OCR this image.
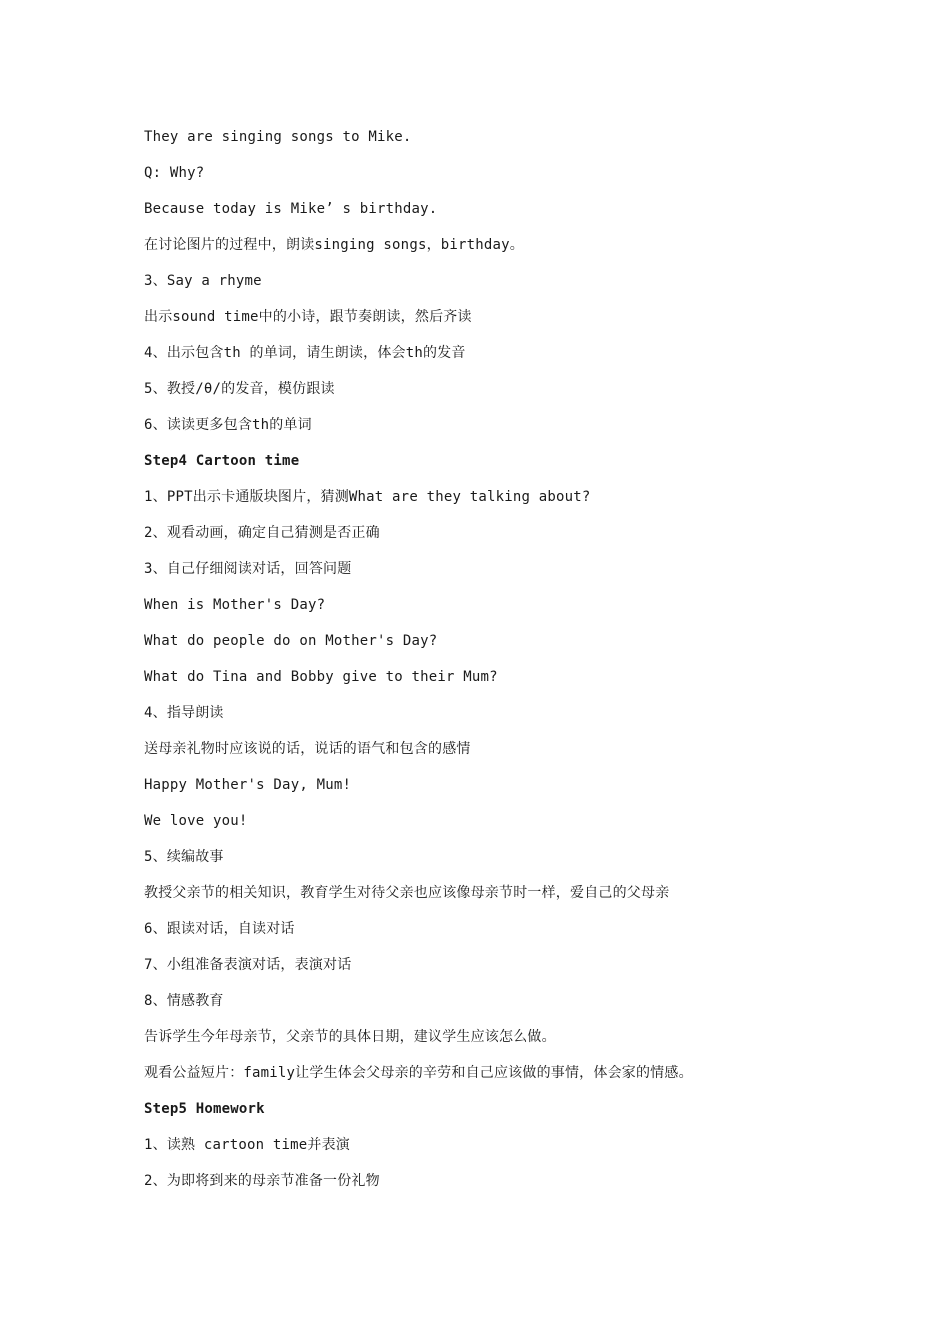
They are singing songs to Mike.
Q: Why?
Because today is Mike’ s birthday.
在讨论图片的过程中，朗读singing songs，birthday。
3、Say a rhyme
出示sound time中的小诗，跟节奏朗读，然后齐读
4、出示包含th 的单词，请生朗读，体会th的发音
5、教授/θ/的发音，模仿跟读
6、读读更多包含th的单词
Step4 Cartoon time
1、PPT出示卡通版块图片，猜测What are they talking about?
2、观看动画，确定自己猜测是否正确
3、自己仔细阅读对话，回答问题
When is Mother's Day?
What do people do on Mother's Day?
What do Tina and Bobby give to their Mum?
4、指导朗读
送母亲礼物时应该说的话，说话的语气和包含的感情
Happy Mother's Day, Mum!
We love you!
5、续编故事
教授父亲节的相关知识，教育学生对待父亲也应该像母亲节时一样，爱自己的父母亲
6、跟读对话，自读对话
7、小组准备表演对话，表演对话
8、情感教育
告诉学生今年母亲节，父亲节的具体日期，建议学生应该怎么做。
观看公益短片：family让学生体会父母亲的辛劳和自己应该做的事情，体会家的情感。
Step5 Homework
1、读熟 cartoon time并表演
2、为即将到来的母亲节准备一份礼物
